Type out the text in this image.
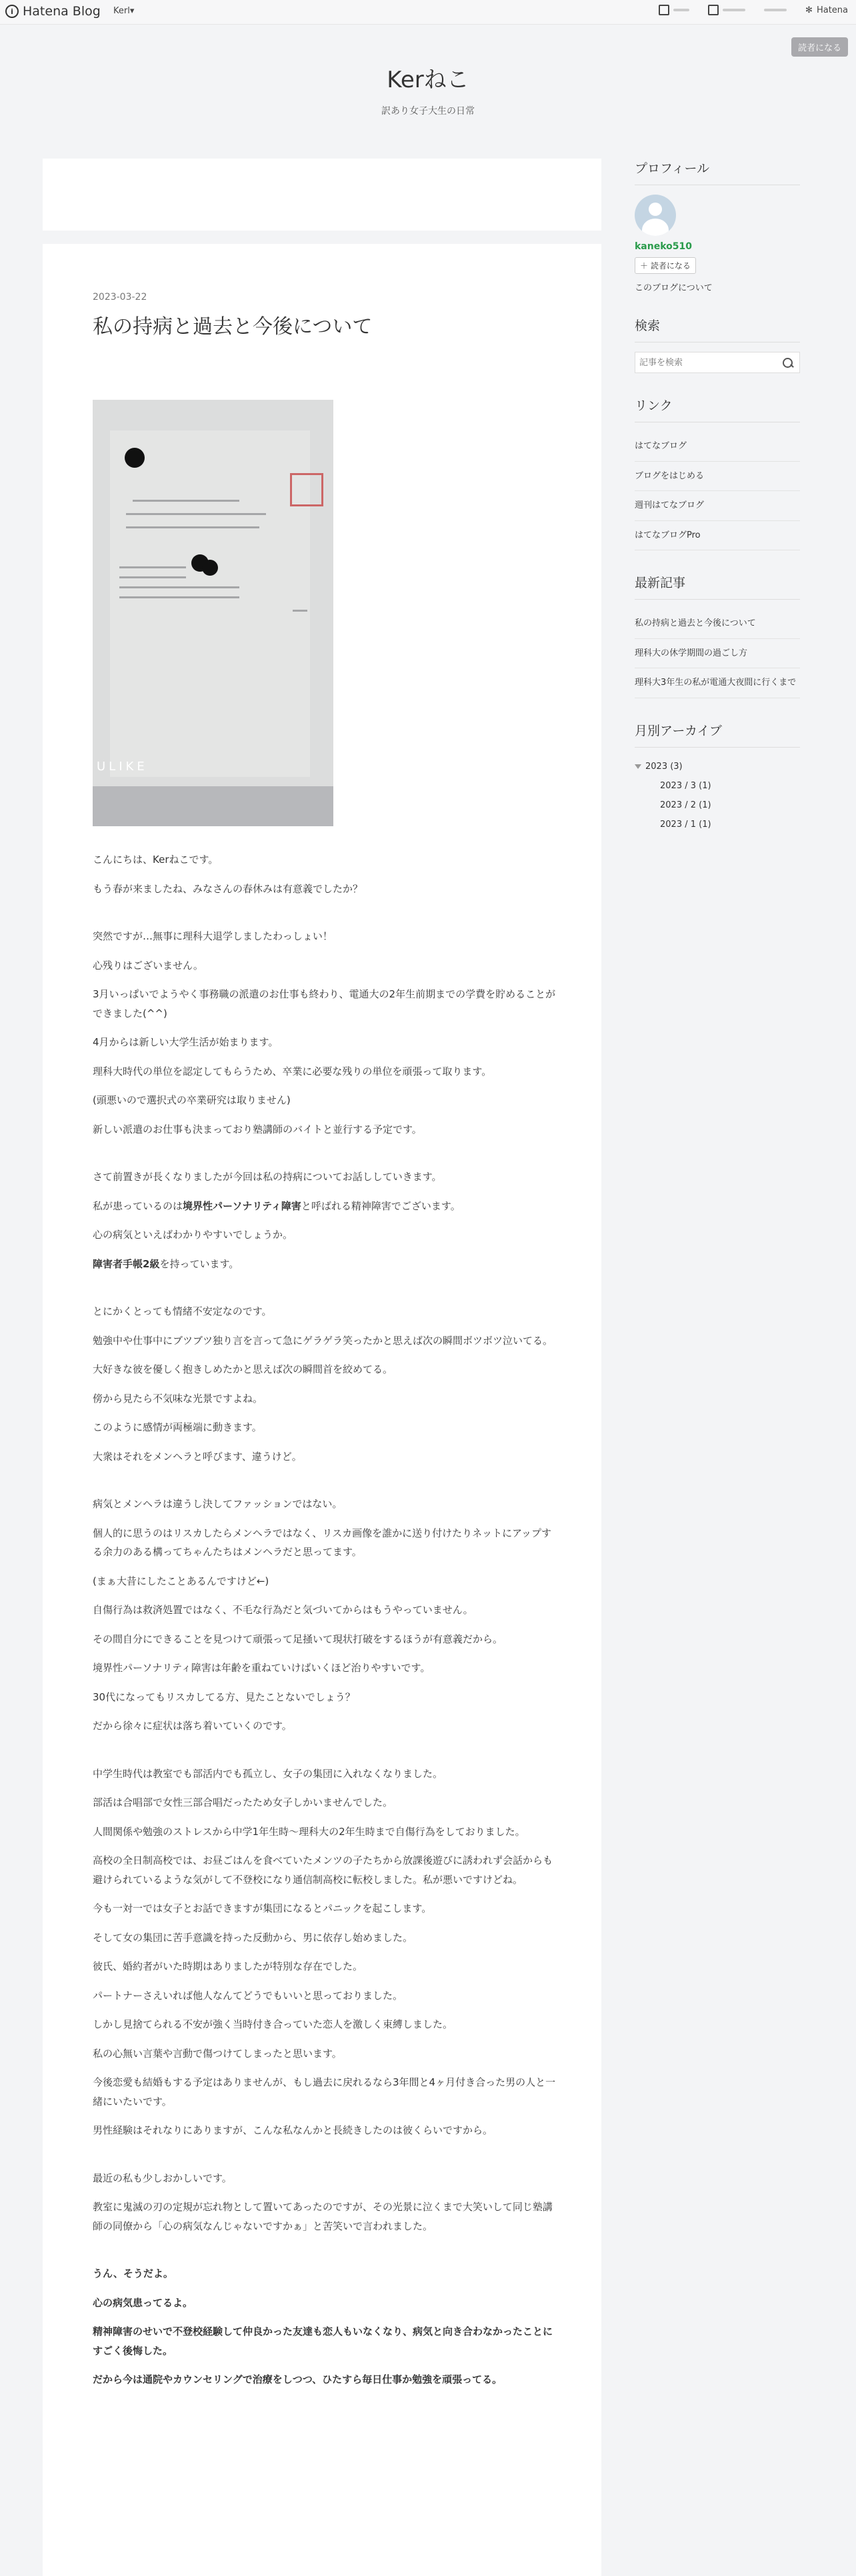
i Hatena Blog Kerl▾	✻ Hatena
読者になる
Kerねこ
訳あり女子大生の日常
2023-03-22
私の持病と過去と今後について
ULIKE

こんにちは、Kerねこです。

もう春が来ましたね、みなさんの春休みは有意義でしたか？

突然ですが…無事に理科大退学しましたわっしょい！

心残りはございません。

3月いっぱいでようやく事務職の派遣のお仕事も終わり、電通大の2年生前期までの学費を貯めることができました(^^)

4月からは新しい大学生活が始まります。

理科大時代の単位を認定してもらうため、卒業に必要な残りの単位を頑張って取ります。

(頭悪いので選択式の卒業研究は取りません)

新しい派遣のお仕事も決まっており塾講師のバイトと並行する予定です。

さて前置きが長くなりましたが今回は私の持病についてお話ししていきます。

私が患っているのは境界性パーソナリティ障害と呼ばれる精神障害でございます。

心の病気といえばわかりやすいでしょうか。

障害者手帳2級を持っています。

とにかくとっても情緒不安定なのです。

勉強中や仕事中にブツブツ独り言を言って急にゲラゲラ笑ったかと思えば次の瞬間ボツボツ泣いてる。

大好きな彼を優しく抱きしめたかと思えば次の瞬間首を絞めてる。

傍から見たら不気味な光景ですよね。

このように感情が両極端に動きます。

大衆はそれをメンヘラと呼びます、違うけど。

病気とメンヘラは違うし決してファッションではない。

個人的に思うのはリスカしたらメンヘラではなく、リスカ画像を誰かに送り付けたりネットにアップする余力のある構ってちゃんたちはメンヘラだと思ってます。

(まぁ大昔にしたことあるんですけど←)

自傷行為は救済処置ではなく、不毛な行為だと気づいてからはもうやっていません。

その間自分にできることを見つけて頑張って足掻いて現状打破をするほうが有意義だから。

境界性パーソナリティ障害は年齢を重ねていけばいくほど治りやすいです。

30代になってもリスカしてる方、見たことないでしょう？

だから徐々に症状は落ち着いていくのです。

中学生時代は教室でも部活内でも孤立し、女子の集団に入れなくなりました。

部活は合唱部で女性三部合唱だったため女子しかいませんでした。

人間関係や勉強のストレスから中学1年生時～理科大の2年生時まで自傷行為をしておりました。

高校の全日制高校では、お昼ごはんを食べていたメンツの子たちから放課後遊びに誘われず会話からも避けられているような気がして不登校になり通信制高校に転校しました。私が悪いですけどね。

今も一対一では女子とお話できますが集団になるとパニックを起こします。

そして女の集団に苦手意識を持った反動から、男に依存し始めました。

彼氏、婚約者がいた時期はありましたが特別な存在でした。

パートナーさえいれば他人なんてどうでもいいと思っておりました。

しかし見捨てられる不安が強く当時付き合っていた恋人を激しく束縛しました。

私の心無い言葉や言動で傷つけてしまったと思います。

今後恋愛も結婚もする予定はありませんが、もし過去に戻れるなら3年間と4ヶ月付き合った男の人と一緒にいたいです。

男性経験はそれなりにありますが、こんな私なんかと長続きしたのは彼くらいですから。

最近の私も少しおかしいです。

教室に鬼滅の刃の定規が忘れ物として置いてあったのですが、その光景に泣くまで大笑いして同じ塾講師の同僚から「心の病気なんじゃないですかぁ」と苦笑いで言われました。

うん、そうだよ。

心の病気患ってるよ。

精神障害のせいで不登校経験して仲良かった友達も恋人もいなくなり、病気と向き合わなかったことにすごく後悔した。

だから今は通院やカウンセリングで治療をしつつ、ひたすら毎日仕事か勉強を頑張ってる。

プロフィール
kaneko510
＋ 読者になる
このブログについて
検索
記事を検索
リンク
はてなブログ
ブログをはじめる
週刊はてなブログ
はてなブログPro
最新記事
私の持病と過去と今後について
理科大の休学期間の過ごし方
理科大3年生の私が電通大夜間に行くまで
月別アーカイブ
2023 (3)
2023 / 3 (1)
2023 / 2 (1)
2023 / 1 (1)
